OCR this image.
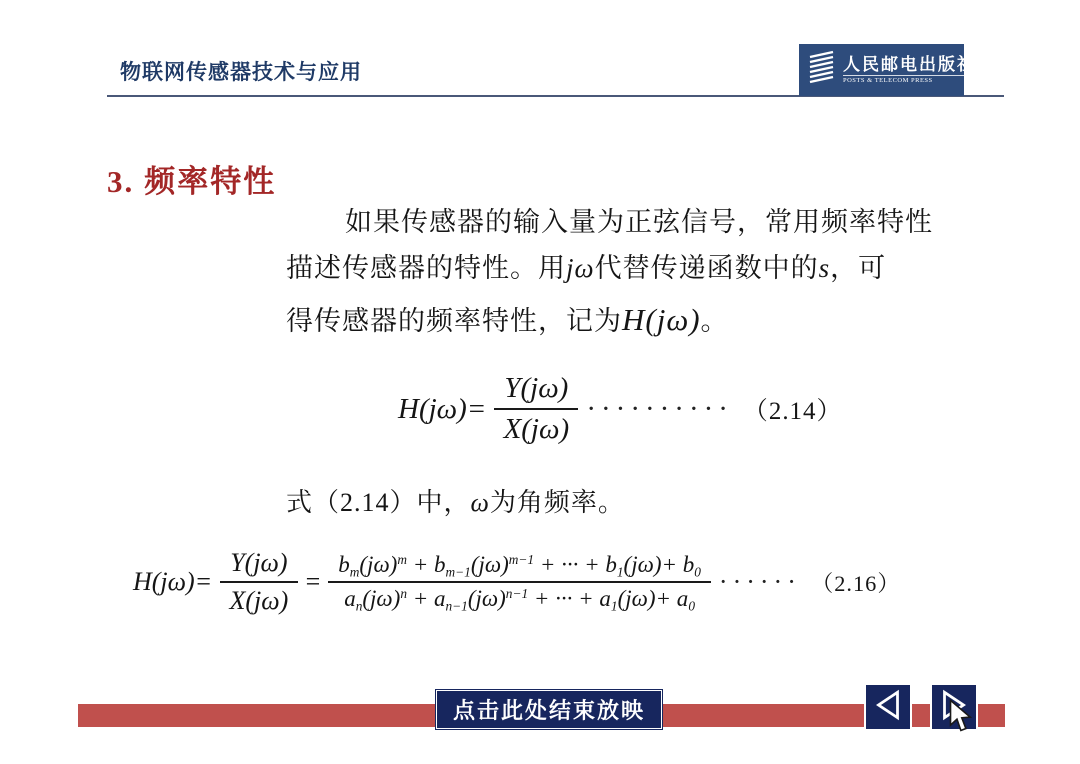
物联网传感器技术与应用	人民邮电出版社
POSTS & TELECOM PRESS
3. 频率特性
如果传感器的输入量为正弦信号，常用频率特性
描述传感器的特性。用jω代替传递函数中的s，可
得传感器的频率特性，记为H(jω)。
$H(j\omega)= \frac{Y(j\omega)}{X(j\omega)}$ ·········· （2.14）
式（2.14）中，ω为角频率。
$H(j\omega)= \frac{Y(j\omega)}{X(j\omega)} = \frac{b_m(j\omega)^m + b_{m-1}(j\omega)^{m-1} + \cdot\cdot\cdot + b_1(j\omega)+ b_0}{a_n(j\omega)^n + a_{n-1}(j\omega)^{n-1} + \cdot\cdot\cdot + a_1(j\omega)+ a_0}$ ······ （2.16）
点击此处结束放映
